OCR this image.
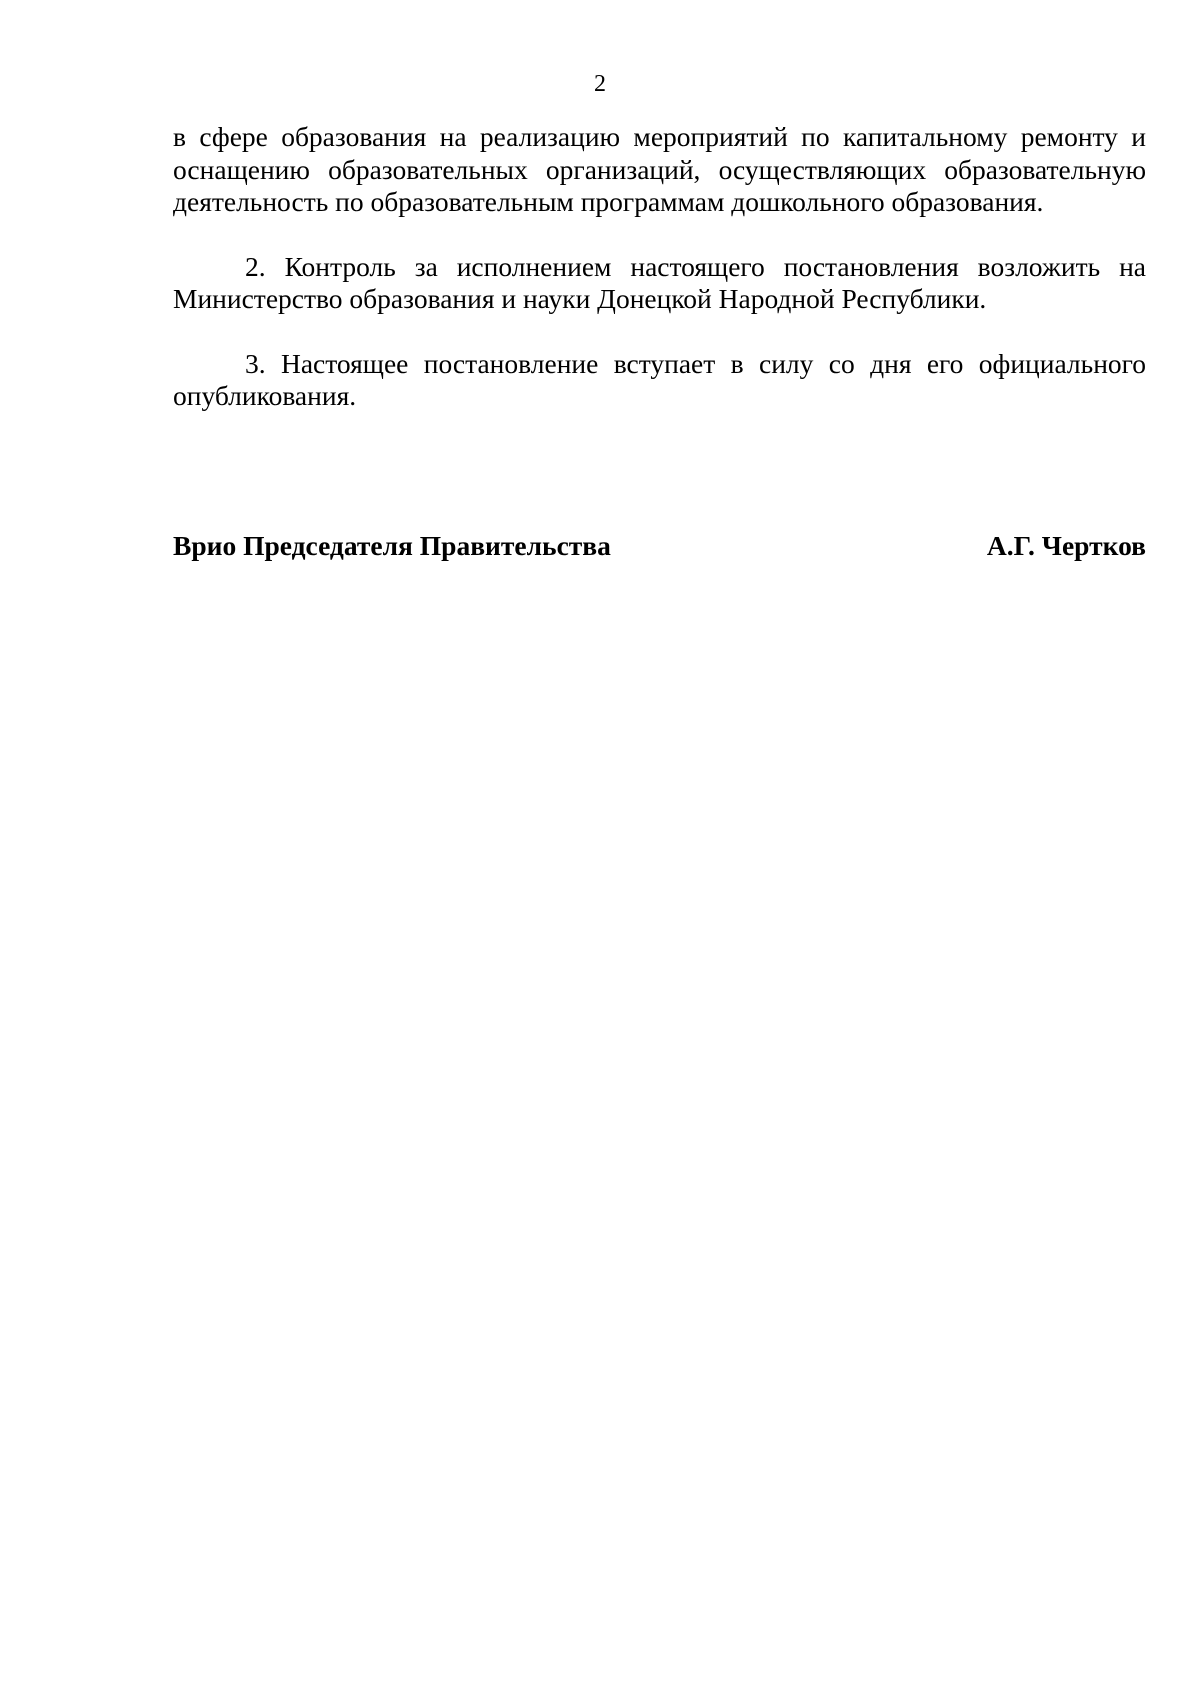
2

в сфере образования на реализацию мероприятий по капитальному ремонту и оснащению образовательных организаций, осуществляющих образовательную деятельность по образовательным программам дошкольного образования.

2. Контроль за исполнением настоящего постановления возложить на Министерство образования и науки Донецкой Народной Республики.

3. Настоящее постановление вступает в силу со дня его официального опубликования.

Врио Председателя Правительства	А.Г. Чертков
